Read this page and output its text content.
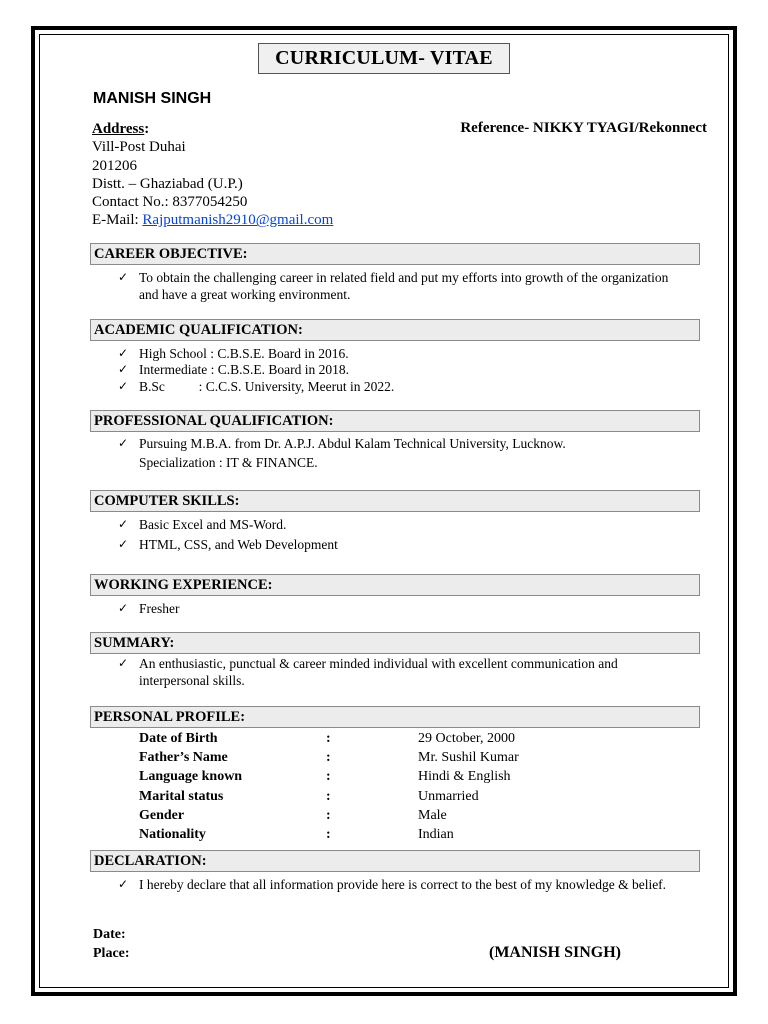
CURRICULUM- VITAE
MANISH SINGH
Address:
Vill-Post Duhai
201206
Distt. – Ghaziabad (U.P.)
Contact No.: 8377054250
E-Mail: Rajputmanish2910@gmail.com
Reference- NIKKY TYAGI/Rekonnect
CAREER OBJECTIVE:
✓ To obtain the challenging career in related field and put my efforts into growth of the organization and have a great working environment.
ACADEMIC QUALIFICATION:
✓ High School : C.B.S.E. Board in 2016.
✓ Intermediate : C.B.S.E. Board in 2018.
✓ B.Sc          : C.C.S. University, Meerut in 2022.
PROFESSIONAL QUALIFICATION:
✓ Pursuing M.B.A. from Dr. A.P.J. Abdul Kalam Technical University, Lucknow.
Specialization : IT & FINANCE.
COMPUTER SKILLS:
✓ Basic Excel and MS-Word.
✓ HTML, CSS, and Web Development
WORKING EXPERIENCE:
✓ Fresher
SUMMARY:
✓ An enthusiastic, punctual & career minded individual with excellent communication and interpersonal skills.
PERSONAL PROFILE:
Date of Birth	:	29 October, 2000
Father’s Name	:	Mr. Sushil Kumar
Language known	:	Hindi & English
Marital status	:	Unmarried
Gender	:	Male
Nationality	:	Indian
DECLARATION:
✓ I hereby declare that all information provide here is correct to the best of my knowledge & belief.
Date:
Place:	(MANISH SINGH)
